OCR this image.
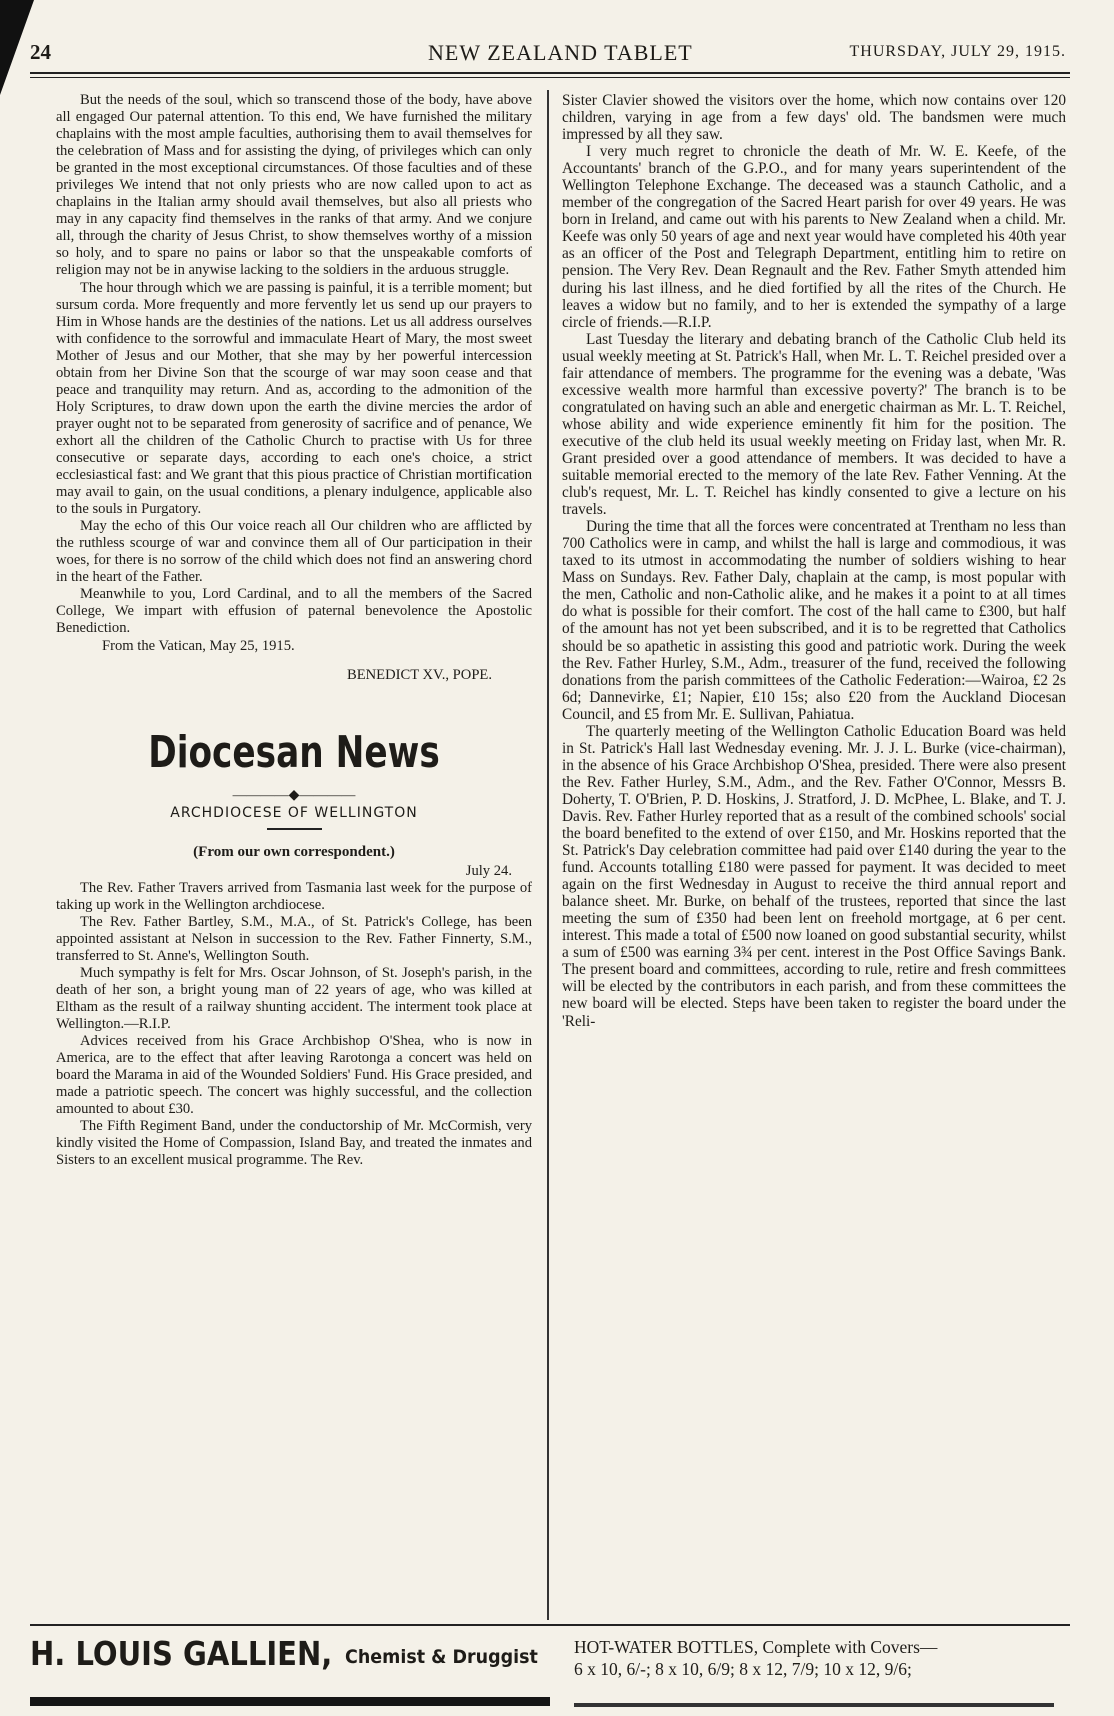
24	NEW ZEALAND TABLET	THURSDAY, JULY 29, 1915.

But the needs of the soul, which so transcend those of the body, have above all engaged Our paternal attention. To this end, We have furnished the military chaplains with the most ample faculties, authorising them to avail themselves for the celebration of Mass and for assisting the dying, of privileges which can only be granted in the most exceptional circumstances. Of those faculties and of these privileges We intend that not only priests who are now called upon to act as chaplains in the Italian army should avail themselves, but also all priests who may in any capacity find themselves in the ranks of that army. And we conjure all, through the charity of Jesus Christ, to show themselves worthy of a mission so holy, and to spare no pains or labor so that the unspeakable comforts of religion may not be in anywise lacking to the soldiers in the arduous struggle.

The hour through which we are passing is painful, it is a terrible moment; but sursum corda. More frequently and more fervently let us send up our prayers to Him in Whose hands are the destinies of the nations. Let us all address ourselves with confidence to the sorrowful and immaculate Heart of Mary, the most sweet Mother of Jesus and our Mother, that she may by her powerful intercession obtain from her Divine Son that the scourge of war may soon cease and that peace and tranquility may return. And as, according to the admonition of the Holy Scriptures, to draw down upon the earth the divine mercies the ardor of prayer ought not to be separated from generosity of sacrifice and of penance, We exhort all the children of the Catholic Church to practise with Us for three consecutive or separate days, according to each one's choice, a strict ecclesiastical fast: and We grant that this pious practice of Christian mortification may avail to gain, on the usual conditions, a plenary indulgence, applicable also to the souls in Purgatory.

May the echo of this Our voice reach all Our children who are afflicted by the ruthless scourge of war and convince them all of Our participation in their woes, for there is no sorrow of the child which does not find an answering chord in the heart of the Father.

Meanwhile to you, Lord Cardinal, and to all the members of the Sacred College, We impart with effusion of paternal benevolence the Apostolic Benediction.

From the Vatican, May 25, 1915.

BENEDICT XV., POPE.

Diocesan News
————◆————
ARCHDIOCESE OF WELLINGTON
(From our own correspondent.)
July 24.

The Rev. Father Travers arrived from Tasmania last week for the purpose of taking up work in the Wellington archdiocese.

The Rev. Father Bartley, S.M., M.A., of St. Patrick's College, has been appointed assistant at Nelson in succession to the Rev. Father Finnerty, S.M., transferred to St. Anne's, Wellington South.

Much sympathy is felt for Mrs. Oscar Johnson, of St. Joseph's parish, in the death of her son, a bright young man of 22 years of age, who was killed at Eltham as the result of a railway shunting accident. The interment took place at Wellington.—R.I.P.

Advices received from his Grace Archbishop O'Shea, who is now in America, are to the effect that after leaving Rarotonga a concert was held on board the Marama in aid of the Wounded Soldiers' Fund. His Grace presided, and made a patriotic speech. The concert was highly successful, and the collection amounted to about £30.

The Fifth Regiment Band, under the conductorship of Mr. McCormish, very kindly visited the Home of Compassion, Island Bay, and treated the inmates and Sisters to an excellent musical programme. The Rev.

Sister Clavier showed the visitors over the home, which now contains over 120 children, varying in age from a few days' old. The bandsmen were much impressed by all they saw.

I very much regret to chronicle the death of Mr. W. E. Keefe, of the Accountants' branch of the G.P.O., and for many years superintendent of the Wellington Telephone Exchange. The deceased was a staunch Catholic, and a member of the congregation of the Sacred Heart parish for over 49 years. He was born in Ireland, and came out with his parents to New Zealand when a child. Mr. Keefe was only 50 years of age and next year would have completed his 40th year as an officer of the Post and Telegraph Department, entitling him to retire on pension. The Very Rev. Dean Regnault and the Rev. Father Smyth attended him during his last illness, and he died fortified by all the rites of the Church. He leaves a widow but no family, and to her is extended the sympathy of a large circle of friends.—R.I.P.

Last Tuesday the literary and debating branch of the Catholic Club held its usual weekly meeting at St. Patrick's Hall, when Mr. L. T. Reichel presided over a fair attendance of members. The programme for the evening was a debate, 'Was excessive wealth more harmful than excessive poverty?' The branch is to be congratulated on having such an able and energetic chairman as Mr. L. T. Reichel, whose ability and wide experience eminently fit him for the position. The executive of the club held its usual weekly meeting on Friday last, when Mr. R. Grant presided over a good attendance of members. It was decided to have a suitable memorial erected to the memory of the late Rev. Father Venning. At the club's request, Mr. L. T. Reichel has kindly consented to give a lecture on his travels.

During the time that all the forces were concentrated at Trentham no less than 700 Catholics were in camp, and whilst the hall is large and commodious, it was taxed to its utmost in accommodating the number of soldiers wishing to hear Mass on Sundays. Rev. Father Daly, chaplain at the camp, is most popular with the men, Catholic and non-Catholic alike, and he makes it a point to at all times do what is possible for their comfort. The cost of the hall came to £300, but half of the amount has not yet been subscribed, and it is to be regretted that Catholics should be so apathetic in assisting this good and patriotic work. During the week the Rev. Father Hurley, S.M., Adm., treasurer of the fund, received the following donations from the parish committees of the Catholic Federation:—Wairoa, £2 2s 6d; Dannevirke, £1; Napier, £10 15s; also £20 from the Auckland Diocesan Council, and £5 from Mr. E. Sullivan, Pahiatua.

The quarterly meeting of the Wellington Catholic Education Board was held in St. Patrick's Hall last Wednesday evening. Mr. J. J. L. Burke (vice-chairman), in the absence of his Grace Archbishop O'Shea, presided. There were also present the Rev. Father Hurley, S.M., Adm., and the Rev. Father O'Connor, Messrs B. Doherty, T. O'Brien, P. D. Hoskins, J. Stratford, J. D. McPhee, L. Blake, and T. J. Davis. Rev. Father Hurley reported that as a result of the combined schools' social the board benefited to the extend of over £150, and Mr. Hoskins reported that the St. Patrick's Day celebration committee had paid over £140 during the year to the fund. Accounts totalling £180 were passed for payment. It was decided to meet again on the first Wednesday in August to receive the third annual report and balance sheet. Mr. Burke, on behalf of the trustees, reported that since the last meeting the sum of £350 had been lent on freehold mortgage, at 6 per cent. interest. This made a total of £500 now loaned on good substantial security, whilst a sum of £500 was earning 3¾ per cent. interest in the Post Office Savings Bank. The present board and committees, according to rule, retire and fresh committees will be elected by the contributors in each parish, and from these committees the new board will be elected. Steps have been taken to register the board under the 'Reli-

H. LOUIS GALLIEN, Chemist & Druggist HOT-WATER BOTTLES, Complete with Covers—
6 x 10, 6/-; 8 x 10, 6/9; 8 x 12, 7/9; 10 x 12, 9/6;
